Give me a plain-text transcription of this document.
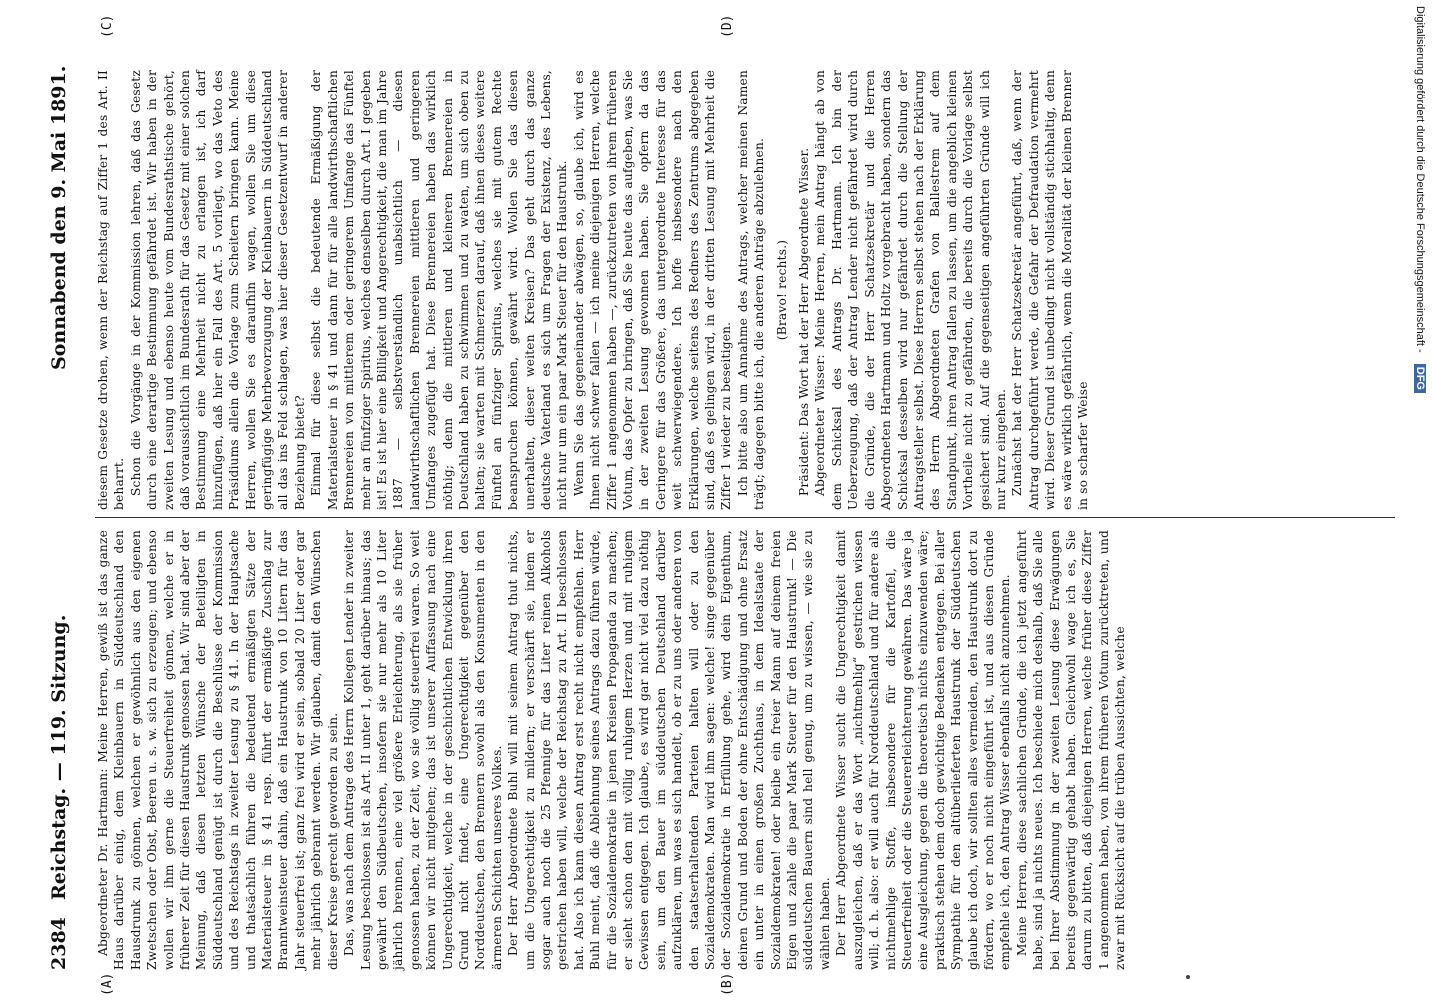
2384
Reichstag. — 119. Sitzung.
Sonnabend den 9. Mai 1891.
(A)	(B)
(C)	(D)

Abgeordneter Dr. Hartmann: Meine Herren, gewiß ist das ganze Haus darüber einig, dem Kleinbauern in Süddeutschland den Hausdrunk zu gönnen, welchen er gewöhnlich aus den eigenen Zwetschen oder Obst, Beeren u. s. w. sich zu erzeugen; und ebenso wollen wir ihm gerne die Steuerfreiheit gönnen, welche er in früherer Zeit für diesen Haustrunk genossen hat. Wir sind aber der Meinung, daß diesen letzten Wünsche der Beteiligten in Süddeutschland genügt ist durch die Beschlüsse der Kommission und des Reichstags in zweiter Lesung zu § 41. In der Hauptsache und thatsächlich führen die bedeutend ermäßigten Sätze der Materialsteuer in § 41 resp. führt der ermäßigte Zuschlag zur Branntweinsteuer dahin, daß ein Haustrunk von 10 Litern für das Jahr steuerfrei ist; ganz frei wird er sein, sobald 20 Liter oder gar mehr jährlich gebrannt werden. Wir glauben, damit den Wünschen dieser Kreise gerecht geworden zu sein. Das, was nach dem Antrage des Herrn Kollegen Lender in zweiter Lesung beschlossen ist als Art. II unter 1, geht darüber hinaus; das gewährt den Südbeutschen, insofern sie nur mehr als 10 Liter jährlich brennen, eine viel größere Erleichterung, als sie früher genossen haben, zu der Zeit, wo sie völlig steuerfrei waren. So weit können wir nicht mitgehen; das ist unserer Auffassung nach eine Ungerechtigkeit, welche in der geschichtlichen Entwicklung ihren Grund nicht findet, eine Ungerechtigkeit gegenüber den Norddeutschen, den Brennern sowohl als den Konsumenten in den ärmeren Schichten unseres Volkes. Der Herr Abgeordnete Buhl will mit seinem Antrag thut nichts, um die Ungerechtigkeit zu mildern; er verschärft sie, indem er sogar auch noch die 25 Pfennige für das Liter reinen Alkohols gestrichen haben will, welche der Reichstag zu Art. II beschlossen hat. Also ich kann diesen Antrag erst recht nicht empfehlen. Herr Buhl meint, daß die Ablehnung seines Antrags dazu führen würde, für die Sozialdemokratie in jenen Kreisen Propaganda zu machen; er sieht schon den mit völlig ruhigem Herzen und mit ruhigem Gewissen entgegen. Ich glaube, es wird gar nicht viel dazu nöthig sein, um den Bauer im süddeutschen Deutschland darüber aufzuklären, um was es sich handelt, ob er zu uns oder anderen von den staatserhaltenden Parteien halten will oder zu den Sozialdemokraten. Man wird ihm sagen: welche! singe gegenüber der Sozialdemokratie in Erfüllung gehe, wird dein Eigenthum, deinen Grund und Boden der ohne Entschädigung und ohne Ersatz ein unter in einen großen Zuchthaus, in dem Idealstaate der Sozialdemokraten! oder bleibe ein freier Mann auf deinem freien Eigen und zahle die paar Mark Steuer für den Haustrunk! — Die süddeutschen Bauern sind hell genug, um zu wissen, — wie sie zu wählen haben. Der Herr Abgeordnete Wisser sucht die Ungerechtigkeit damit auszugleichen, daß er das Wort „nichtmehlig“ gestrichen wissen will; d. h. also: er will auch für Norddeutschland und für andere als nichtmehlige Stoffe, insbesondere für die Kartoffel, die Steuerfreiheit oder die Steuererleichterung gewähren. Das wäre ja eine Ausgleichung, gegen die theoretisch nichts einzuwenden wäre; praktisch stehen dem doch gewichtige Bedenken entgegen. Bei aller Sympathie für den altüberlieferten Haustrunk der Süddeutschen glaube ich doch, wir sollten alles vermeiden, den Haustrunk dort zu fördern, wo er noch nicht eingeführt ist, und aus diesen Gründe empfehle ich, den Antrag Wisser ebenfalls nicht anzunehmen. Meine Herren, diese sachlichen Gründe, die ich jetzt angeführt habe, sind ja nichts neues. Ich beschiede mich deshalb, daß Sie alle bei Ihrer Abstimmung in der zweiten Lesung diese Erwägungen bereits gegenwärtig gehabt haben. Gleichwohl wage ich es, Sie darum zu bitten, daß diejenigen Herren, welche früher diese Ziffer 1 angenommen haben, von ihrem früheren Votum zurücktreten, und zwar mit Rücksicht auf die trüben Aussichten, welche

diesem Gesetze drohen, wenn der Reichstag auf Ziffer 1 des Art. II beharrt. Schon die Vorgänge in der Kommission lehren, daß das Gesetz durch eine derartige Bestimmung gefährdet ist. Wir haben in der zweiten Lesung und ebenso heute vom Bundesrathstische gehört, daß voraussichtlich im Bundesrath für das Gesetz mit einer solchen Bestimmung eine Mehrheit nicht zu erlangen ist, ich darf hinzufügen, daß hier ein Fall des Art. 5 vorliegt, wo das Veto des Präsidiums allein die Vorlage zum Scheitern bringen kann. Meine Herren, wollen Sie es daraufhin wagen, wollen Sie um diese geringfügige Mehrbevorzugung der Kleinbauern in Süddeutschland all das ins Feld schlagen, was hier dieser Gesetzentwurf in anderer Beziehung bietet? Einmal für diese selbst die bedeutende Ermäßigung der Materialsteuer in § 41 und dann für für alle landwirthschaftlichen Brennereien von mittlerem oder geringerem Umfange das Fünftel mehr an fünfziger Spiritus, welches denselben durch Art. I gegeben ist! Es ist hier eine Billigkeit und Angerechtigkeit, die man im Jahre 1887 — selbstverständlich unabsichtlich — diesen landwirthschaftlichen Brennereien mittleren und geringeren Umfanges zugefügt hat. Diese Brennereien haben das wirklich nöthig; denn die mittleren und kleineren Brennereien in Deutschland haben zu schwimmen und zu waten, um sich oben zu halten; sie warten mit Schmerzen darauf, daß ihnen dieses weitere Fünftel an fünfziger Spiritus, welches sie mit gutem Rechte beanspruchen können, gewährt wird. Wollen Sie das diesen unerhalten, dieser weiten Kreisen? Das geht durch das ganze deutsche Vaterland es sich um Fragen der Existenz, des Lebens, nicht nur um ein paar Mark Steuer für den Haustrunk. Wenn Sie das gegeneinander abwägen, so, glaube ich, wird es Ihnen nicht schwer fallen — ich meine diejenigen Herren, welche Ziffer 1 angenommen haben —, zurückzutreten von ihrem früheren Votum, das Opfer zu bringen, daß Sie heute das aufgeben, was Sie in der zweiten Lesung gewonnen haben. Sie opfern da das Geringere für das Größere, das untergeordnete Interesse für das weit schwerwiegendere. Ich hoffe insbesondere nach den Erklärungen, welche seitens des Redners des Zentrums abgegeben sind, daß es gelingen wird, in der dritten Lesung mit Mehrheit die Ziffer 1 wieder zu beseitigen. Ich bitte also um Annahme des Antrags, welcher meinen Namen trägt; dagegen bitte ich, die anderen Anträge abzulehnen. (Bravo! rechts.) Präsident: Das Wort hat der Herr Abgeordnete Wisser. Abgeordneter Wisser: Meine Herren, mein Antrag hängt ab von dem Schicksal des Antrags Dr. Hartmann. Ich bin der Ueberzeugung, daß der Antrag Lender nicht gefährdet wird durch die Gründe, die der Herr Schatzsekretär und die Herren Abgeordneten Hartmann und Holtz vorgebracht haben, sondern das Schicksal desselben wird nur gefährdet durch die Stellung der Antragsteller selbst. Diese Herren selbst stehen nach der Erklärung des Herrn Abgeordneten Grafen von Ballestrem auf dem Standpunkt, ihren Antrag fallen zu lassen, um die angeblich kleinen Vortheile nicht zu gefährden, die bereits durch die Vorlage selbst gesichert sind. Auf die gegenseitigen angeführten Gründe will ich nur kurz eingehen. Zunächst hat der Herr Schatzsekretär angeführt, daß, wenn der Antrag durchgeführt werde, die Gefahr der Defraudation vermehrt wird. Dieser Grund ist unbedingt nicht vollständig stichhaltig, denn es wäre wirklich gefährlich, wenn die Moralität der kleinen Brenner in so scharfer Weise

Digitalisierung gefördert durch die Deutsche Forschungsgemeinschaft - DFG
